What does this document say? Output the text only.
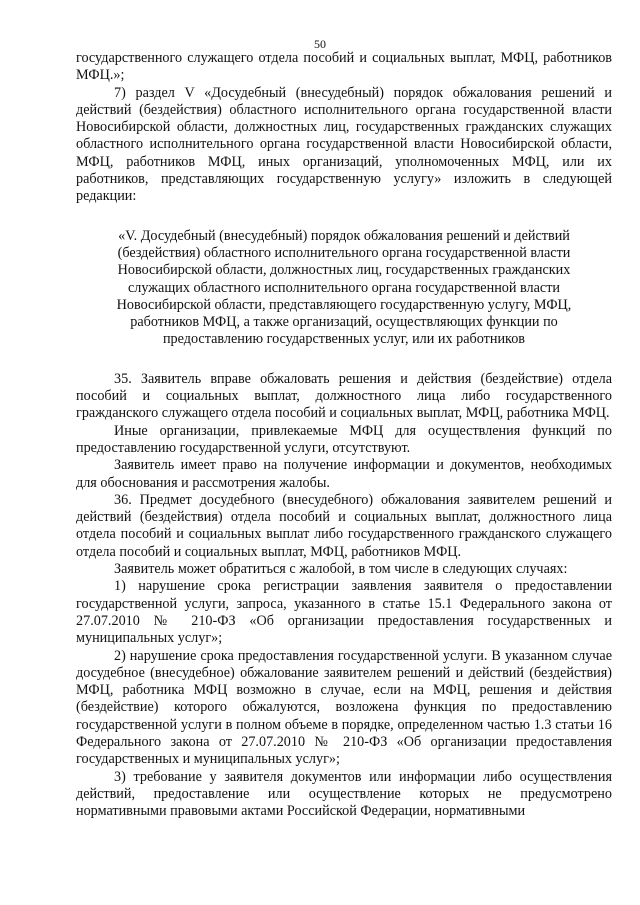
50

государственного служащего отдела пособий и социальных выплат, МФЦ, работников МФЦ.»;

7) раздел V «Досудебный (внесудебный) порядок обжалования решений и действий (бездействия) областного исполнительного органа государственной власти Новосибирской области, должностных лиц, государственных гражданских служащих областного исполнительного органа государственной власти Новосибирской области, МФЦ, работников МФЦ, иных организаций, уполномоченных МФЦ, или их работников, представляющих государственную услугу» изложить в следующей редакции:

«V. Досудебный (внесудебный) порядок обжалования решений и действий (бездействия) областного исполнительного органа государственной власти Новосибирской области, должностных лиц, государственных гражданских служащих областного исполнительного органа государственной власти Новосибирской области, представляющего государственную услугу, МФЦ, работников МФЦ, а также организаций, осуществляющих функции по предоставлению государственных услуг, или их работников

35. Заявитель вправе обжаловать решения и действия (бездействие) отдела пособий и социальных выплат, должностного лица либо государственного гражданского служащего отдела пособий и социальных выплат, МФЦ, работника МФЦ.

Иные организации, привлекаемые МФЦ для осуществления функций по предоставлению государственной услуги, отсутствуют.

Заявитель имеет право на получение информации и документов, необходимых для обоснования и рассмотрения жалобы.

36. Предмет досудебного (внесудебного) обжалования заявителем решений и действий (бездействия) отдела пособий и социальных выплат, должностного лица отдела пособий и социальных выплат либо государственного гражданского служащего отдела пособий и социальных выплат, МФЦ, работников МФЦ.

Заявитель может обратиться с жалобой, в том числе в следующих случаях:

1) нарушение срока регистрации заявления заявителя о предоставлении государственной услуги, запроса, указанного в статье 15.1 Федерального закона от 27.07.2010 № 210-ФЗ «Об организации предоставления государственных и муниципальных услуг»;

2) нарушение срока предоставления государственной услуги. В указанном случае досудебное (внесудебное) обжалование заявителем решений и действий (бездействия) МФЦ, работника МФЦ возможно в случае, если на МФЦ, решения и действия (бездействие) которого обжалуются, возложена функция по предоставлению государственной услуги в полном объеме в порядке, определенном частью 1.3 статьи 16 Федерального закона от 27.07.2010 № 210-ФЗ «Об организации предоставления государственных и муниципальных услуг»;

3) требование у заявителя документов или информации либо осуществления действий, предоставление или осуществление которых не предусмотрено нормативными правовыми актами Российской Федерации, нормативными
